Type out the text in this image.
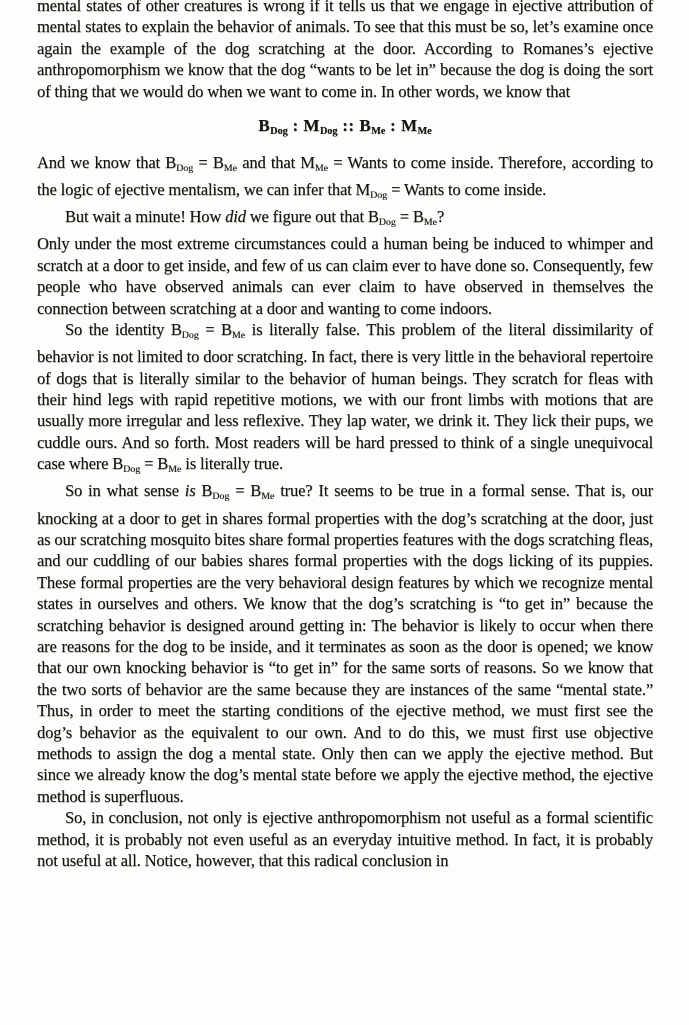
mental states of other creatures is wrong if it tells us that we engage in ejective attribution of mental states to explain the behavior of animals. To see that this must be so, let’s examine once again the example of the dog scratching at the door. According to Romanes’s ejective anthropomorphism we know that the dog “wants to be let in” because the dog is doing the sort of thing that we would do when we want to come in. In other words, we know that

$B_{Dog}$ : $M_{Dog}$ :: $B_{Me}$ : $M_{Me}$

And we know that $B_{Dog} = B_{Me}$ and that $M_{Me}$ = Wants to come inside. Therefore, according to the logic of ejective mentalism, we can infer that $M_{Dog}$ = Wants to come inside.

But wait a minute! How did we figure out that $B_{Dog} = B_{Me}$?

Only under the most extreme circumstances could a human being be induced to whimper and scratch at a door to get inside, and few of us can claim ever to have done so. Consequently, few people who have observed animals can ever claim to have observed in themselves the connection between scratching at a door and wanting to come indoors.

So the identity $B_{Dog} = B_{Me}$ is literally false. This problem of the literal dissimilarity of behavior is not limited to door scratching. In fact, there is very little in the behavioral repertoire of dogs that is literally similar to the behavior of human beings. They scratch for fleas with their hind legs with rapid repetitive motions, we with our front limbs with motions that are usually more irregular and less reflexive. They lap water, we drink it. They lick their pups, we cuddle ours. And so forth. Most readers will be hard pressed to think of a single unequivocal case where $B_{Dog} = B_{Me}$ is literally true.

So in what sense is $B_{Dog} = B_{Me}$ true? It seems to be true in a formal sense. That is, our knocking at a door to get in shares formal properties with the dog’s scratching at the door, just as our scratching mosquito bites share formal properties features with the dogs scratching fleas, and our cuddling of our babies shares formal properties with the dogs licking of its puppies. These formal properties are the very behavioral design features by which we recognize mental states in ourselves and others. We know that the dog’s scratching is “to get in” because the scratching behavior is designed around getting in: The behavior is likely to occur when there are reasons for the dog to be inside, and it terminates as soon as the door is opened; we know that our own knocking behavior is “to get in” for the same sorts of reasons. So we know that the two sorts of behavior are the same because they are instances of the same “mental state.” Thus, in order to meet the starting conditions of the ejective method, we must first see the dog’s behavior as the equivalent to our own. And to do this, we must first use objective methods to assign the dog a mental state. Only then can we apply the ejective method. But since we already know the dog’s mental state before we apply the ejective method, the ejective method is superfluous.

So, in conclusion, not only is ejective anthropomorphism not useful as a formal scientific method, it is probably not even useful as an everyday intuitive method. In fact, it is probably not useful at all. Notice, however, that this radical conclusion in
